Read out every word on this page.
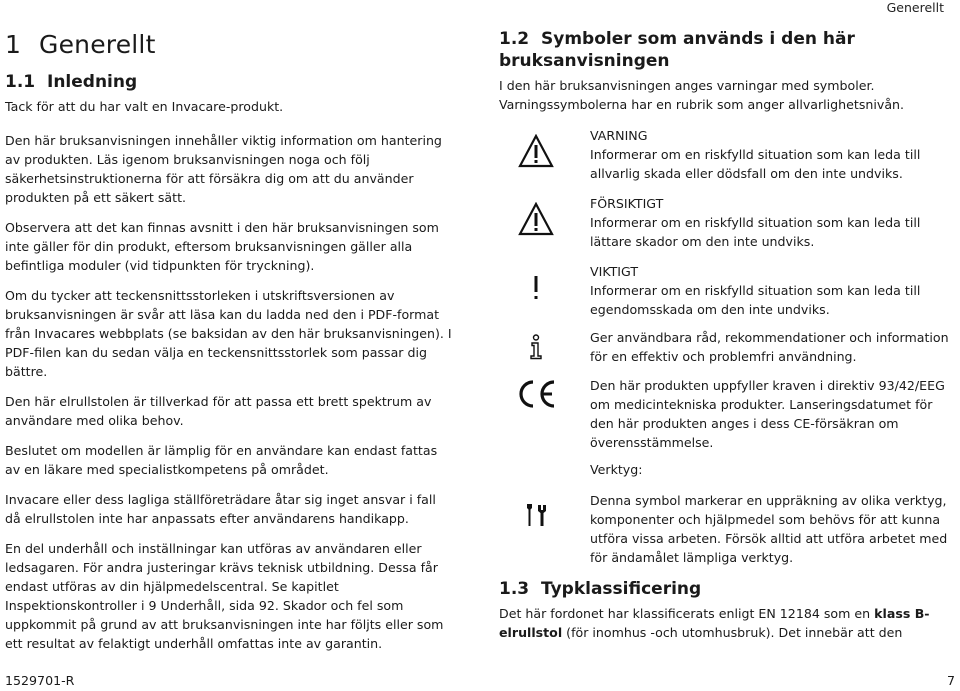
Generellt
1 Generellt
1.1 Inledning

Tack för att du har valt en Invacare-produkt.

Den här bruksanvisningen innehåller viktig information om hantering av produkten. Läs igenom bruksanvisningen noga och följ säkerhetsinstruktionerna för att försäkra dig om att du använder produkten på ett säkert sätt.

Observera att det kan finnas avsnitt i den här bruksanvisningen som inte gäller för din produkt, eftersom bruksanvisningen gäller alla befintliga moduler (vid tidpunkten för tryckning).

Om du tycker att teckensnittsstorleken i utskriftsversionen av bruksanvisningen är svår att läsa kan du ladda ned den i PDF-format från Invacares webbplats (se baksidan av den här bruksanvisningen). I PDF-filen kan du sedan välja en teckensnittsstorlek som passar dig bättre.

Den här elrullstolen är tillverkad för att passa ett brett spektrum av användare med olika behov.

Beslutet om modellen är lämplig för en användare kan endast fattas av en läkare med specialistkompetens på området.

Invacare eller dess lagliga ställföreträdare åtar sig inget ansvar i fall då elrullstolen inte har anpassats efter användarens handikapp.

En del underhåll och inställningar kan utföras av användaren eller ledsagaren. För andra justeringar krävs teknisk utbildning. Dessa får endast utföras av din hjälpmedelscentral. Se kapitlet Inspektionskontroller i 9 Underhåll, sida 92. Skador och fel som uppkommit på grund av att bruksanvisningen inte har följts eller som ett resultat av felaktigt underhåll omfattas inte av garantin.

1.2 Symboler som används i den här bruksanvisningen
I den här bruksanvisningen anges varningar med symboler.
Varningssymbolerna har en rubrik som anger allvarlighetsnivån.
VARNING

Informerar om en riskfylld situation som kan leda till allvarlig skada eller dödsfall om den inte undviks.

FÖRSIKTIGT

Informerar om en riskfylld situation som kan leda till lättare skador om den inte undviks.

VIKTIGT

Informerar om en riskfylld situation som kan leda till egendomsskada om den inte undviks.

Ger användbara råd, rekommendationer och information för en effektiv och problemfri användning.

Den här produkten uppfyller kraven i direktiv 93/42/EEG om medicintekniska produkter. Lanseringsdatumet för den här produkten anges i dess CE-försäkran om överensstämmelse.

Verktyg:

Denna symbol markerar en uppräkning av olika verktyg, komponenter och hjälpmedel som behövs för att kunna utföra vissa arbeten. Försök alltid att utföra arbetet med för ändamålet lämpliga verktyg.

1.3 Typklassificering

Det här fordonet har klassificerats enligt EN 12184 som en klass B-elrullstol (för inomhus -och utomhusbruk). Det innebär att den

1529701-R	7
